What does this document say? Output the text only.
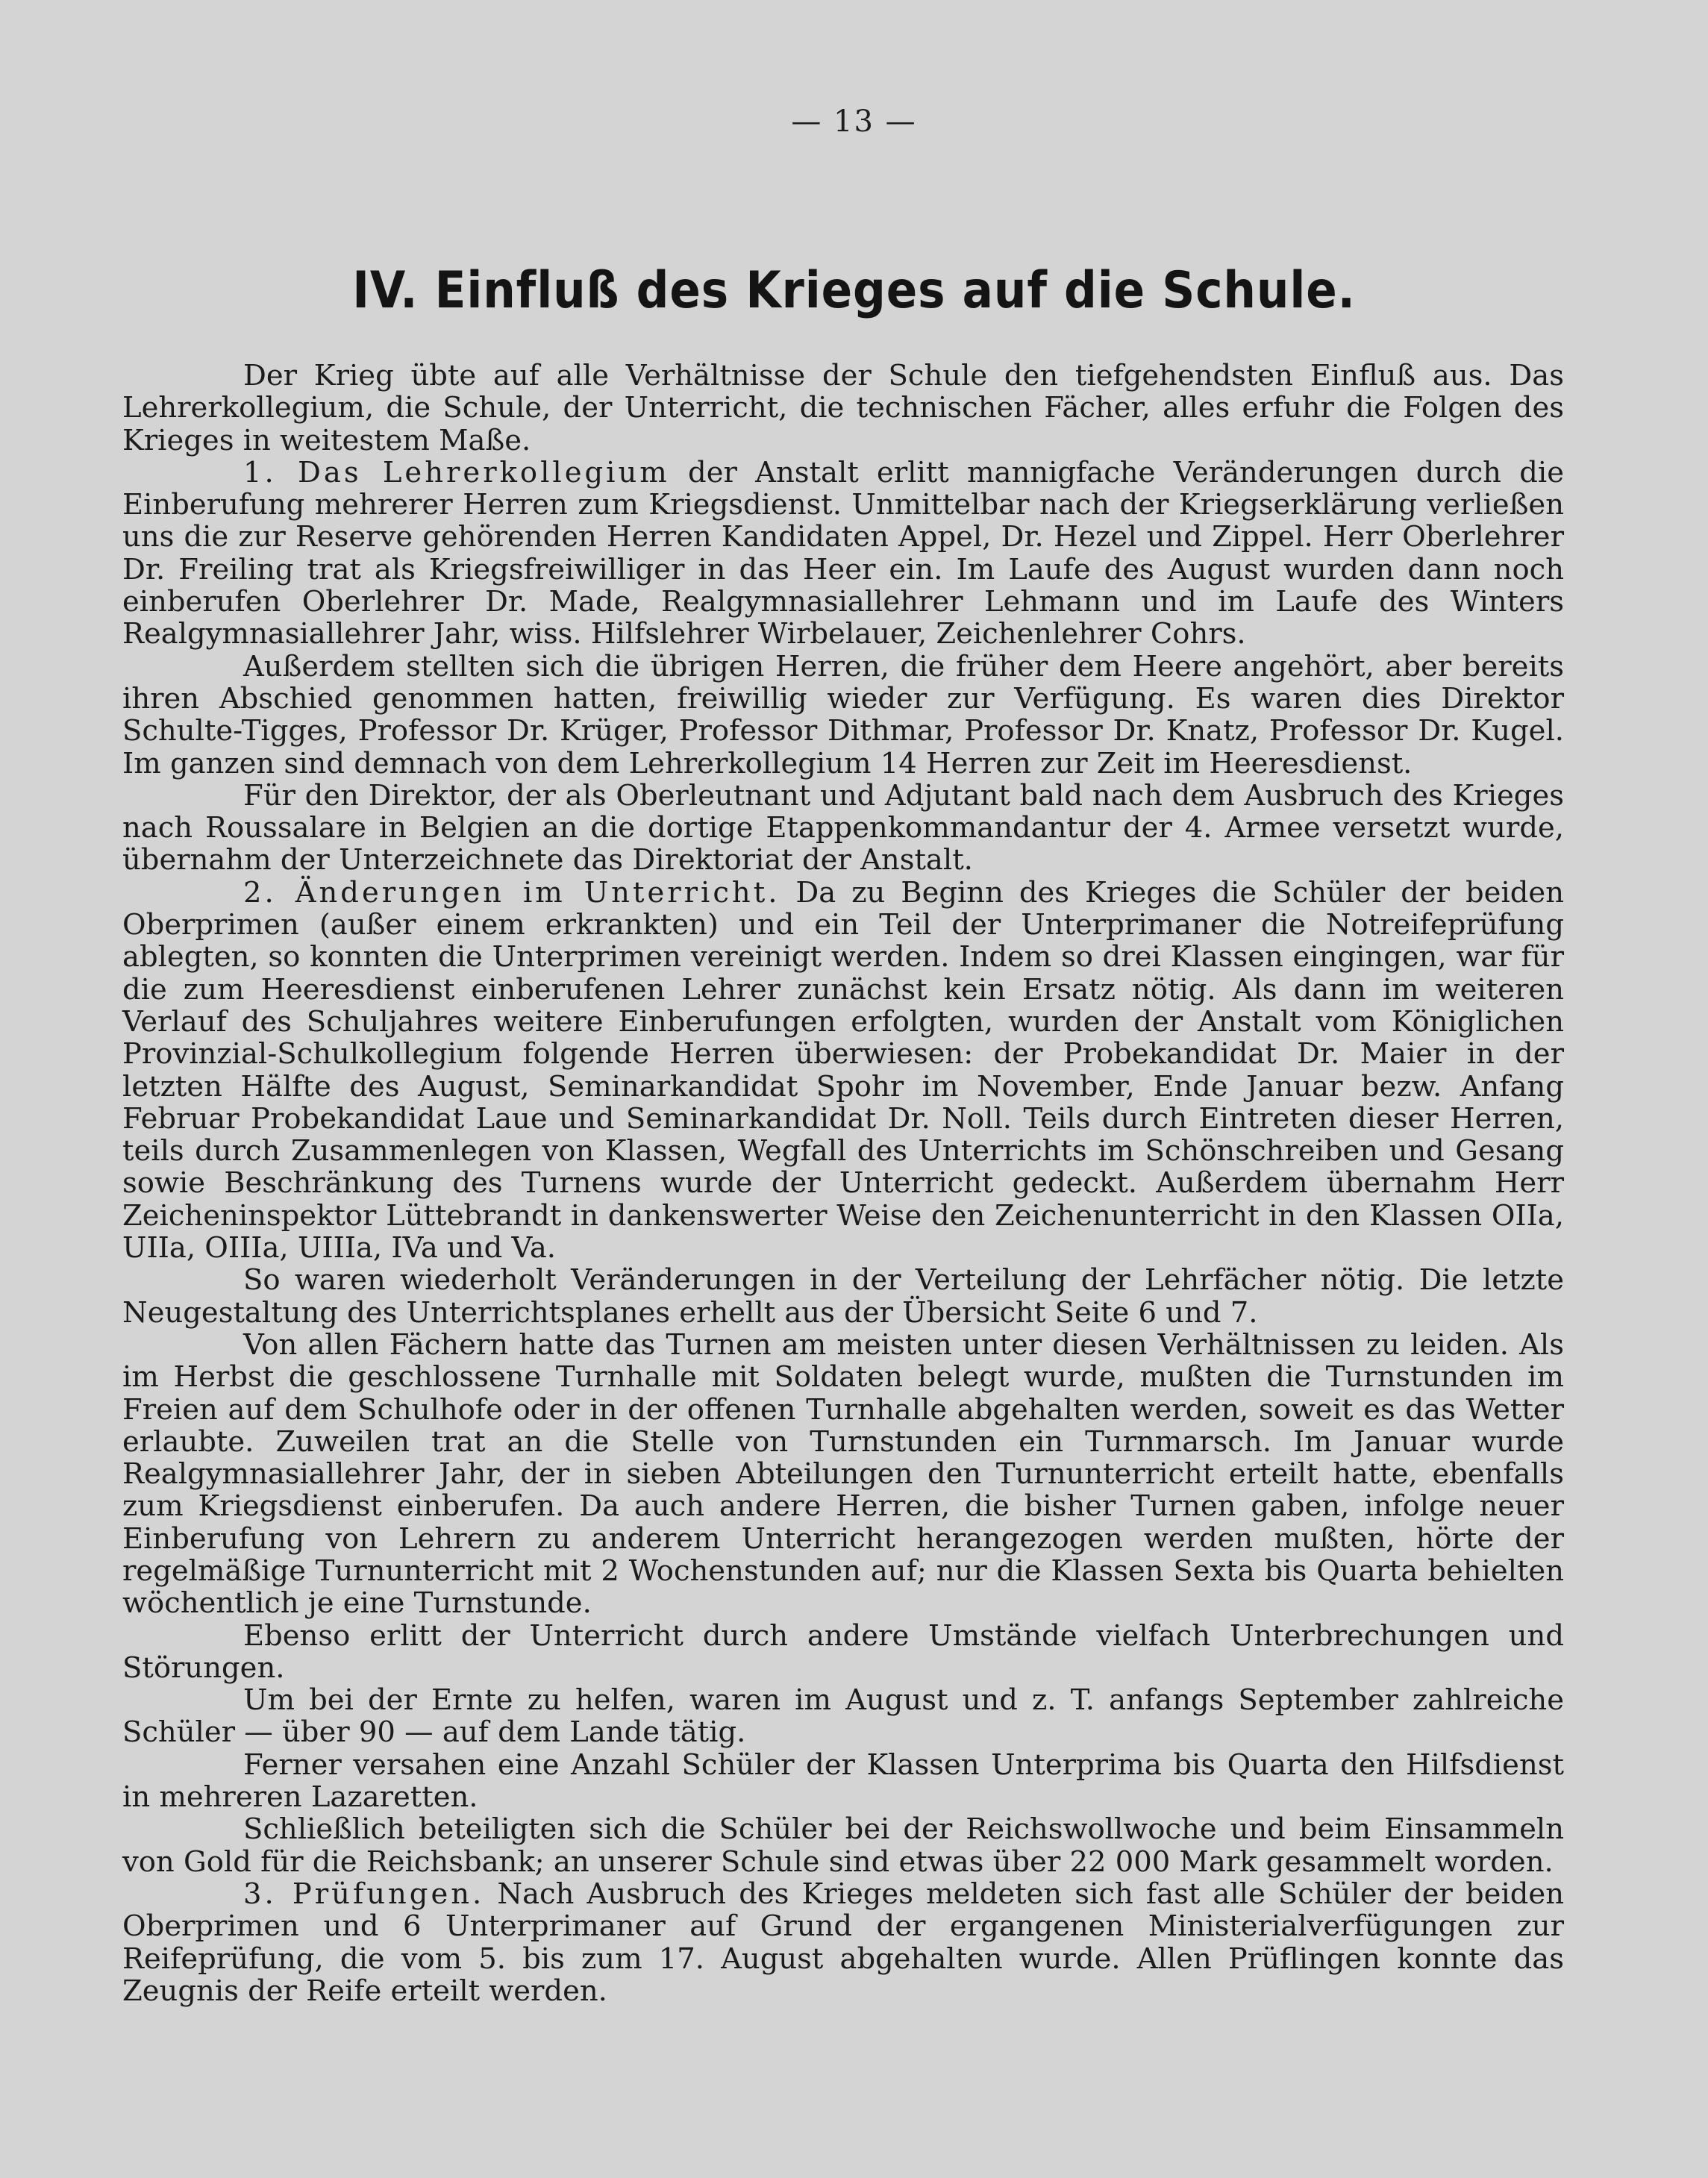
— 13 —
IV. Einfluß des Krieges auf die Schule.

Der Krieg übte auf alle Verhältnisse der Schule den tiefgehendsten Einfluß aus. Das Lehrerkollegium, die Schule, der Unterricht, die technischen Fächer, alles erfuhr die Folgen des Krieges in weitestem Maße.

1. Das Lehrerkollegium der Anstalt erlitt mannigfache Veränderungen durch die Einberufung mehrerer Herren zum Kriegsdienst. Unmittelbar nach der Kriegserklärung verließen uns die zur Reserve gehörenden Herren Kandidaten Appel, Dr. Hezel und Zippel. Herr Oberlehrer Dr. Freiling trat als Kriegsfreiwilliger in das Heer ein. Im Laufe des August wurden dann noch einberufen Oberlehrer Dr. Made, Realgymnasiallehrer Lehmann und im Laufe des Winters Realgymnasiallehrer Jahr, wiss. Hilfslehrer Wirbelauer, Zeichenlehrer Cohrs.

Außerdem stellten sich die übrigen Herren, die früher dem Heere angehört, aber bereits ihren Abschied genommen hatten, freiwillig wieder zur Verfügung. Es waren dies Direktor Schulte-Tigges, Professor Dr. Krüger, Professor Dithmar, Professor Dr. Knatz, Professor Dr. Kugel. Im ganzen sind demnach von dem Lehrerkollegium 14 Herren zur Zeit im Heeresdienst.

Für den Direktor, der als Oberleutnant und Adjutant bald nach dem Ausbruch des Krieges nach Roussalare in Belgien an die dortige Etappenkommandantur der 4. Armee versetzt wurde, übernahm der Unterzeichnete das Direktoriat der Anstalt.

2. Änderungen im Unterricht. Da zu Beginn des Krieges die Schüler der beiden Oberprimen (außer einem erkrankten) und ein Teil der Unterprimaner die Notreifeprüfung ablegten, so konnten die Unterprimen vereinigt werden. Indem so drei Klassen eingingen, war für die zum Heeresdienst einberufenen Lehrer zunächst kein Ersatz nötig. Als dann im weiteren Verlauf des Schuljahres weitere Einberufungen erfolgten, wurden der Anstalt vom Königlichen Provinzial-Schulkollegium folgende Herren überwiesen: der Probekandidat Dr. Maier in der letzten Hälfte des August, Seminarkandidat Spohr im November, Ende Januar bezw. Anfang Februar Probekandidat Laue und Seminarkandidat Dr. Noll. Teils durch Eintreten dieser Herren, teils durch Zusammenlegen von Klassen, Wegfall des Unterrichts im Schönschreiben und Gesang sowie Beschränkung des Turnens wurde der Unterricht gedeckt. Außerdem übernahm Herr Zeicheninspektor Lüttebrandt in dankenswerter Weise den Zeichenunterricht in den Klassen OIIa, UIIa, OIIIa, UIIIa, IVa und Va.

So waren wiederholt Veränderungen in der Verteilung der Lehrfächer nötig. Die letzte Neugestaltung des Unterrichtsplanes erhellt aus der Übersicht Seite 6 und 7.

Von allen Fächern hatte das Turnen am meisten unter diesen Verhältnissen zu leiden. Als im Herbst die geschlossene Turnhalle mit Soldaten belegt wurde, mußten die Turnstunden im Freien auf dem Schulhofe oder in der offenen Turnhalle abgehalten werden, soweit es das Wetter erlaubte. Zuweilen trat an die Stelle von Turnstunden ein Turnmarsch. Im Januar wurde Realgymnasiallehrer Jahr, der in sieben Abteilungen den Turnunterricht erteilt hatte, ebenfalls zum Kriegsdienst einberufen. Da auch andere Herren, die bisher Turnen gaben, infolge neuer Einberufung von Lehrern zu anderem Unterricht herangezogen werden mußten, hörte der regelmäßige Turnunterricht mit 2 Wochenstunden auf; nur die Klassen Sexta bis Quarta behielten wöchentlich je eine Turnstunde.

Ebenso erlitt der Unterricht durch andere Umstände vielfach Unterbrechungen und Störungen.

Um bei der Ernte zu helfen, waren im August und z. T. anfangs September zahlreiche Schüler — über 90 — auf dem Lande tätig.

Ferner versahen eine Anzahl Schüler der Klassen Unterprima bis Quarta den Hilfsdienst in mehreren Lazaretten.

Schließlich beteiligten sich die Schüler bei der Reichswollwoche und beim Einsammeln von Gold für die Reichsbank; an unserer Schule sind etwas über 22 000 Mark gesammelt worden.

3. Prüfungen. Nach Ausbruch des Krieges meldeten sich fast alle Schüler der beiden Oberprimen und 6 Unterprimaner auf Grund der ergangenen Ministerialverfügungen zur Reifeprüfung, die vom 5. bis zum 17. August abgehalten wurde. Allen Prüflingen konnte das Zeugnis der Reife erteilt werden.
